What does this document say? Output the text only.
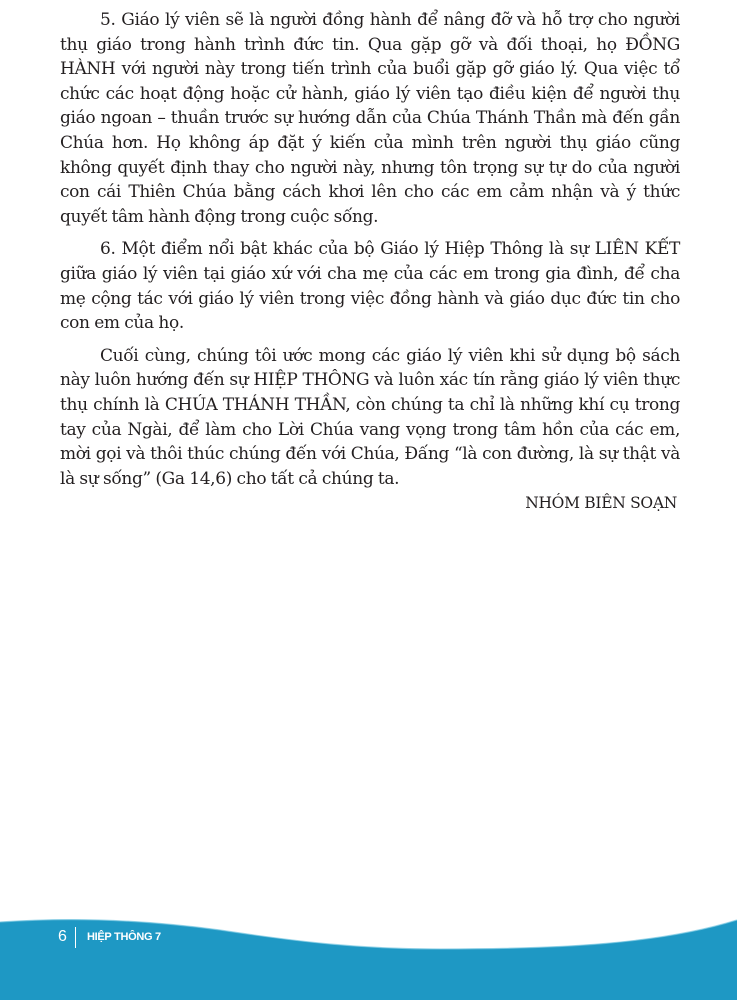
5. Giáo lý viên sẽ là người đồng hành để nâng đỡ và hỗ trợ cho người thụ giáo trong hành trình đức tin. Qua gặp gỡ và đối thoại, họ ĐỒNG HÀNH với người này trong tiến trình của buổi gặp gỡ giáo lý. Qua việc tổ chức các hoạt động hoặc cử hành, giáo lý viên tạo điều kiện để người thụ giáo ngoan – thuần trước sự hướng dẫn của Chúa Thánh Thần mà đến gần Chúa hơn. Họ không áp đặt ý kiến của mình trên người thụ giáo cũng không quyết định thay cho người này, nhưng tôn trọng sự tự do của người con cái Thiên Chúa bằng cách khơi lên cho các em cảm nhận và ý thức quyết tâm hành động trong cuộc sống.

6. Một điểm nổi bật khác của bộ Giáo lý Hiệp Thông là sự LIÊN KẾT giữa giáo lý viên tại giáo xứ với cha mẹ của các em trong gia đình, để cha mẹ cộng tác với giáo lý viên trong việc đồng hành và giáo dục đức tin cho con em của họ.

Cuối cùng, chúng tôi ước mong các giáo lý viên khi sử dụng bộ sách này luôn hướng đến sự HIỆP THÔNG và luôn xác tín rằng giáo lý viên thực thụ chính là CHÚA THÁNH THẦN, còn chúng ta chỉ là những khí cụ trong tay của Ngài, để làm cho Lời Chúa vang vọng trong tâm hồn của các em, mời gọi và thôi thúc chúng đến với Chúa, Đấng “là con đường, là sự thật và là sự sống” (Ga 14,6) cho tất cả chúng ta.

NHÓM BIÊN SOẠN
6 HIỆP THÔNG 7
